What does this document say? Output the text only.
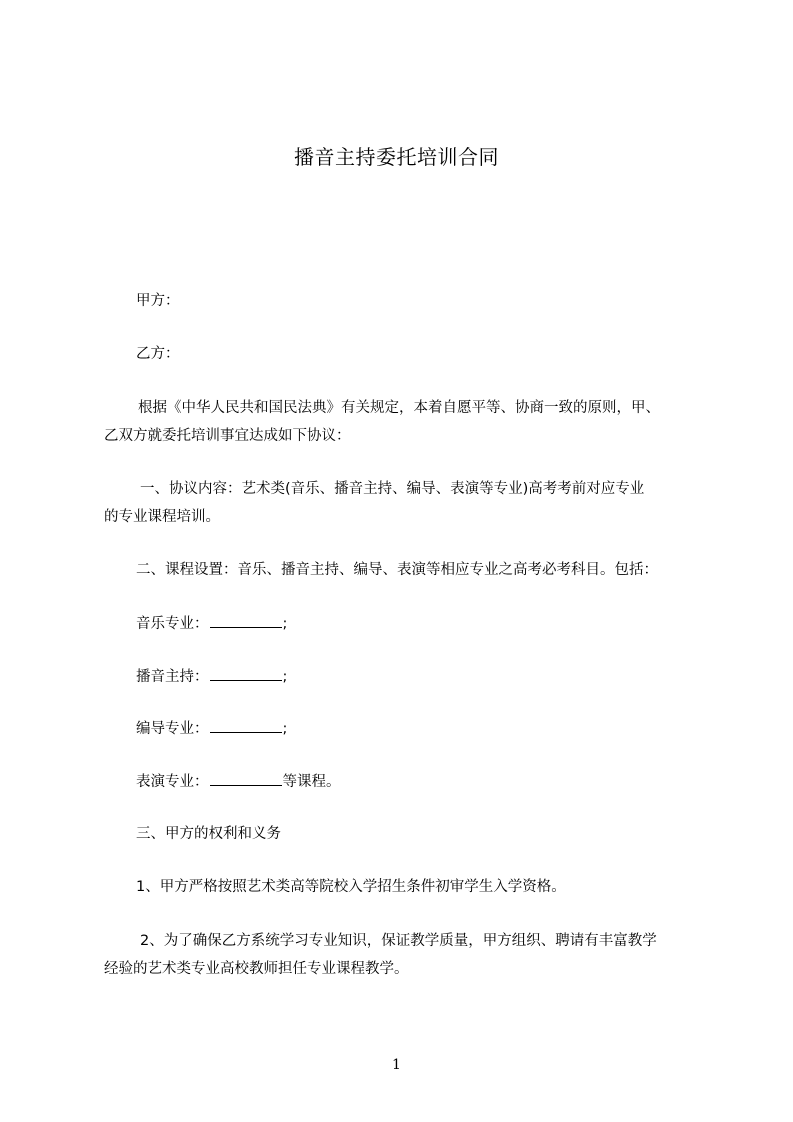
播音主持委托培训合同
甲方：
乙方：
根据《中华人民共和国民法典》有关规定，本着自愿平等、协商一致的原则，甲、
乙双方就委托培训事宜达成如下协议：
一、协议内容：艺术类(音乐、播音主持、编导、表演等专业)高考考前对应专业
的专业课程培训。
二、课程设置：音乐、播音主持、编导、表演等相应专业之高考必考科目。包括：
音乐专业：	;
播音主持：	;
编导专业：	;
表演专业：	等课程。
三、甲方的权利和义务
1、甲方严格按照艺术类高等院校入学招生条件初审学生入学资格。
2、为了确保乙方系统学习专业知识，保证教学质量，甲方组织、聘请有丰富教学
经验的艺术类专业高校教师担任专业课程教学。
1
